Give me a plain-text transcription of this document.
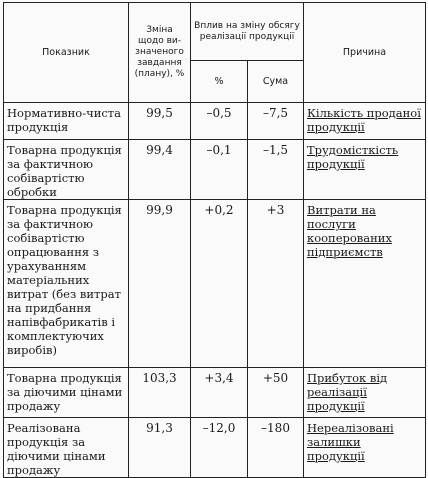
Показник	Зміна щодо ви-значеного завдання (плану), %	Вплив на зміну обсягу реалізації продукції		Причина
		%	Сума	
Нормативно-чиста продукція	99,5	–0,5	–7,5	Кількість проданої продукції
Товарна продукція за фактичною собівартістю обробки	99,4	–0,1	–1,5	Трудомісткість продукції
Товарна продукція за фактичною собівартістю опрацювання з урахуванням матеріальних витрат (без витрат на придбання напівфабрикатів і комплектуючих виробів)	99,9	+0,2	+3	Витрати на послуги кооперованих підприємств
Товарна продукція за діючими цінами продажу	103,3	+3,4	+50	Прибуток від реалізації продукції
Реалізована продукція за діючими цінами продажу	91,3	–12,0	–180	Нереалізовані залишки продукції
